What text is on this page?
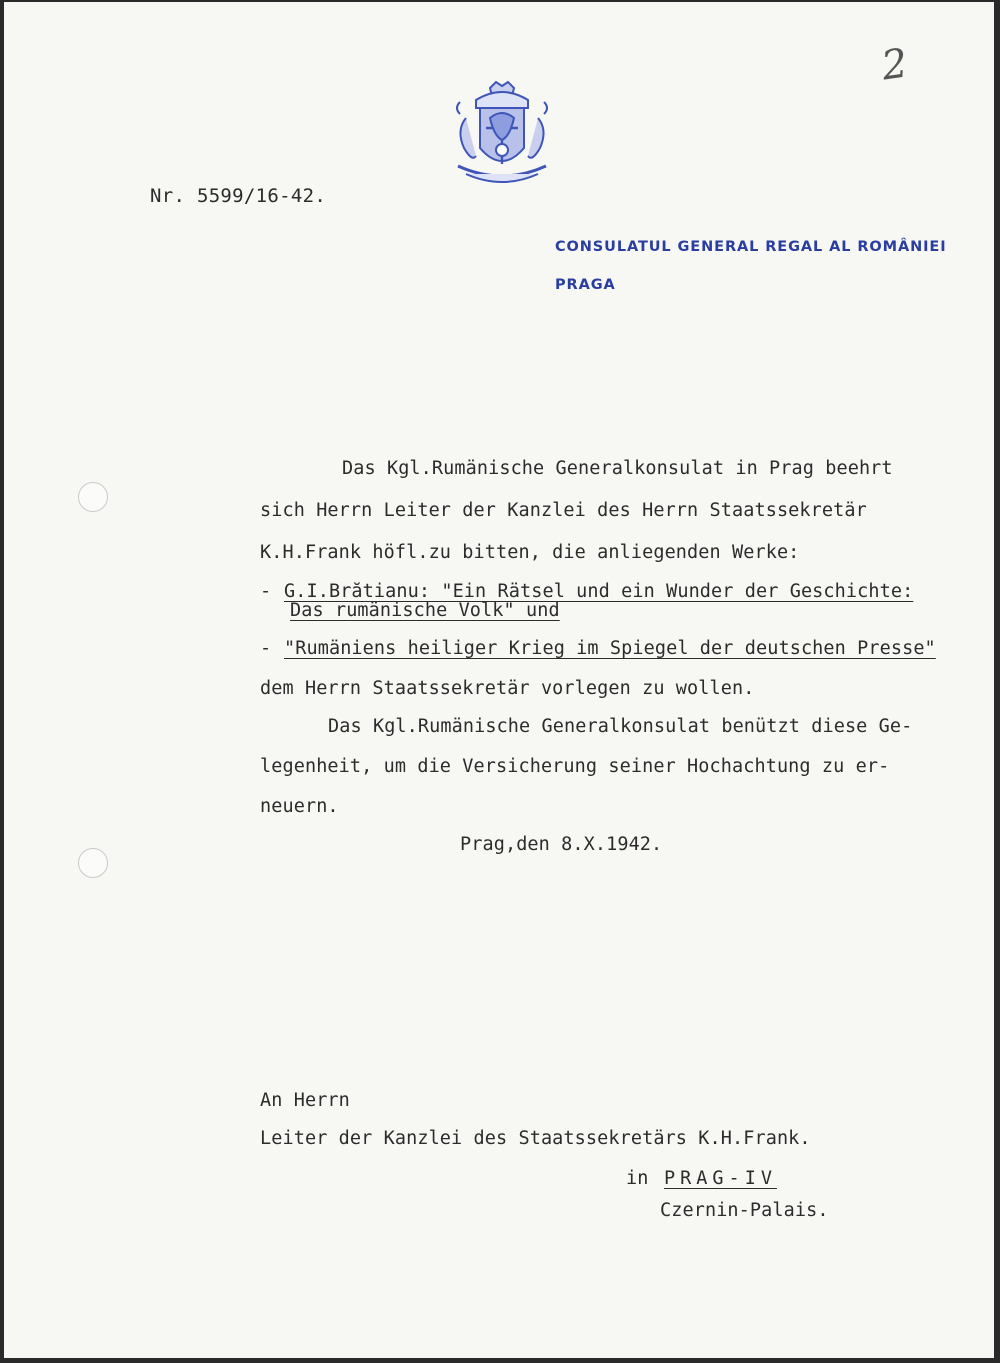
2
Nr. 5599/16-42.
CONSULATUL GENERAL REGAL AL ROMÂNIEI
PRAGA
Das Kgl.Rumänische Generalkonsulat in Prag beehrt
sich Herrn Leiter der Kanzlei des Herrn Staatssekretär
K.H.Frank höfl.zu bitten, die anliegenden Werke:
- G.I.Brătianu: "Ein Rätsel und ein Wunder der Geschichte:
Das rumänische Volk" und
- "Rumäniens heiliger Krieg im Spiegel der deutschen Presse"
dem Herrn Staatssekretär vorlegen zu wollen.
Das Kgl.Rumänische Generalkonsulat benützt diese Ge-
legenheit, um die Versicherung seiner Hochachtung zu er-
neuern.
Prag,den 8.X.1942.
An Herrn
Leiter der Kanzlei des Staatssekretärs K.H.Frank.
in PRAG-IV
Czernin-Palais.
